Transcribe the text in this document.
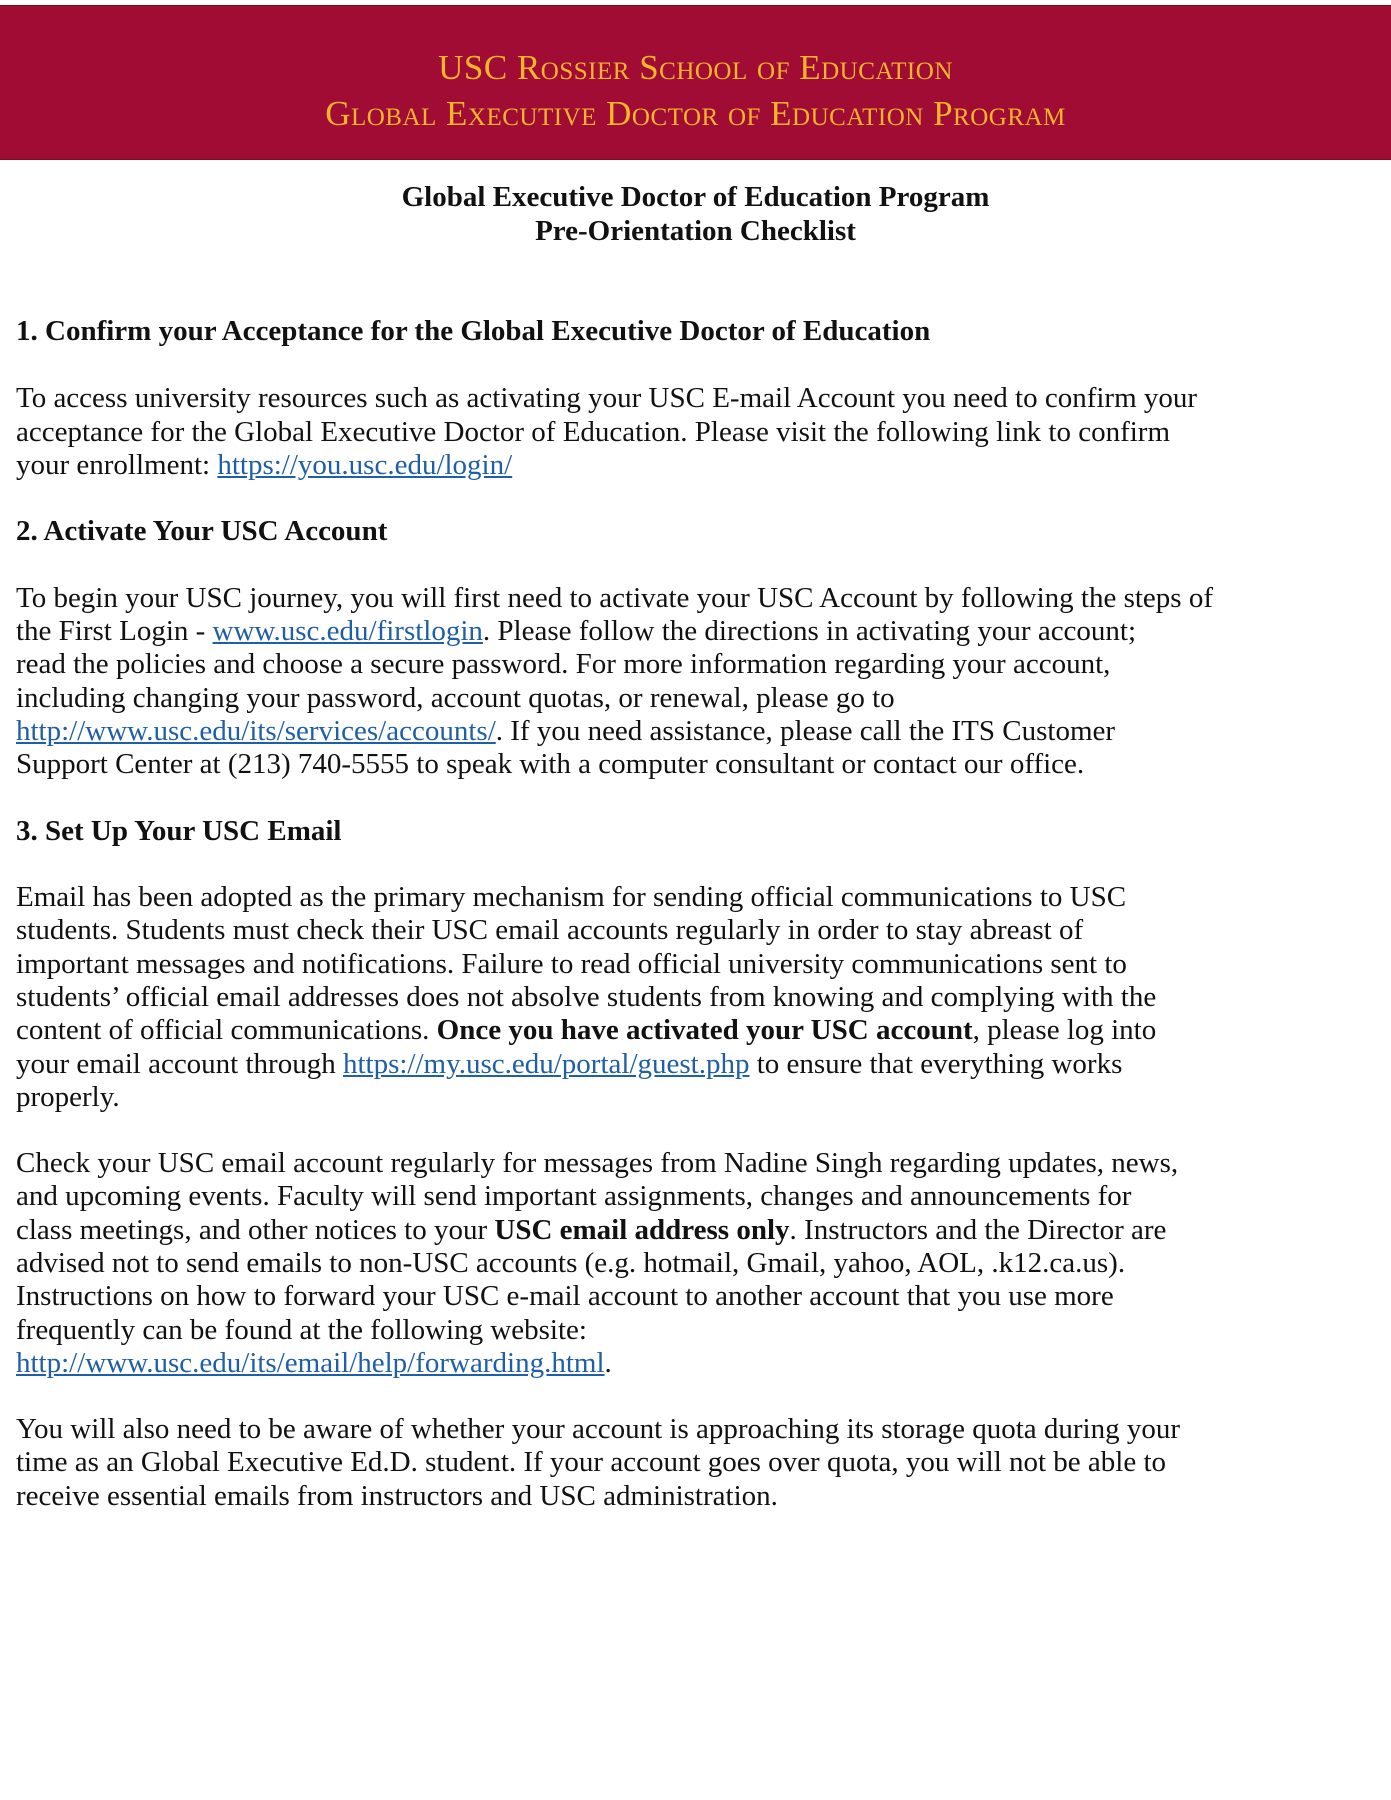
USC Rossier School of Education
Global Executive Doctor of Education Program
Global Executive Doctor of Education Program
Pre-Orientation Checklist
1. Confirm your Acceptance for the Global Executive Doctor of Education
To access university resources such as activating your USC E-mail Account you need to confirm your
acceptance for the Global Executive Doctor of Education. Please visit the following link to confirm
your enrollment: https://you.usc.edu/login/
2. Activate Your USC Account
To begin your USC journey, you will first need to activate your USC Account by following the steps of
the First Login - www.usc.edu/firstlogin. Please follow the directions in activating your account;
read the policies and choose a secure password. For more information regarding your account,
including changing your password, account quotas, or renewal, please go to
http://www.usc.edu/its/services/accounts/. If you need assistance, please call the ITS Customer
Support Center at (213) 740-5555 to speak with a computer consultant or contact our office.
3. Set Up Your USC Email
Email has been adopted as the primary mechanism for sending official communications to USC
students. Students must check their USC email accounts regularly in order to stay abreast of
important messages and notifications. Failure to read official university communications sent to
students’ official email addresses does not absolve students from knowing and complying with the
content of official communications. Once you have activated your USC account, please log into
your email account through https://my.usc.edu/portal/guest.php to ensure that everything works
properly.
Check your USC email account regularly for messages from Nadine Singh regarding updates, news,
and upcoming events. Faculty will send important assignments, changes and announcements for
class meetings, and other notices to your USC email address only. Instructors and the Director are
advised not to send emails to non-USC accounts (e.g. hotmail, Gmail, yahoo, AOL, .k12.ca.us).
Instructions on how to forward your USC e-mail account to another account that you use more
frequently can be found at the following website:
http://www.usc.edu/its/email/help/forwarding.html.
You will also need to be aware of whether your account is approaching its storage quota during your
time as an Global Executive Ed.D. student. If your account goes over quota, you will not be able to
receive essential emails from instructors and USC administration.
